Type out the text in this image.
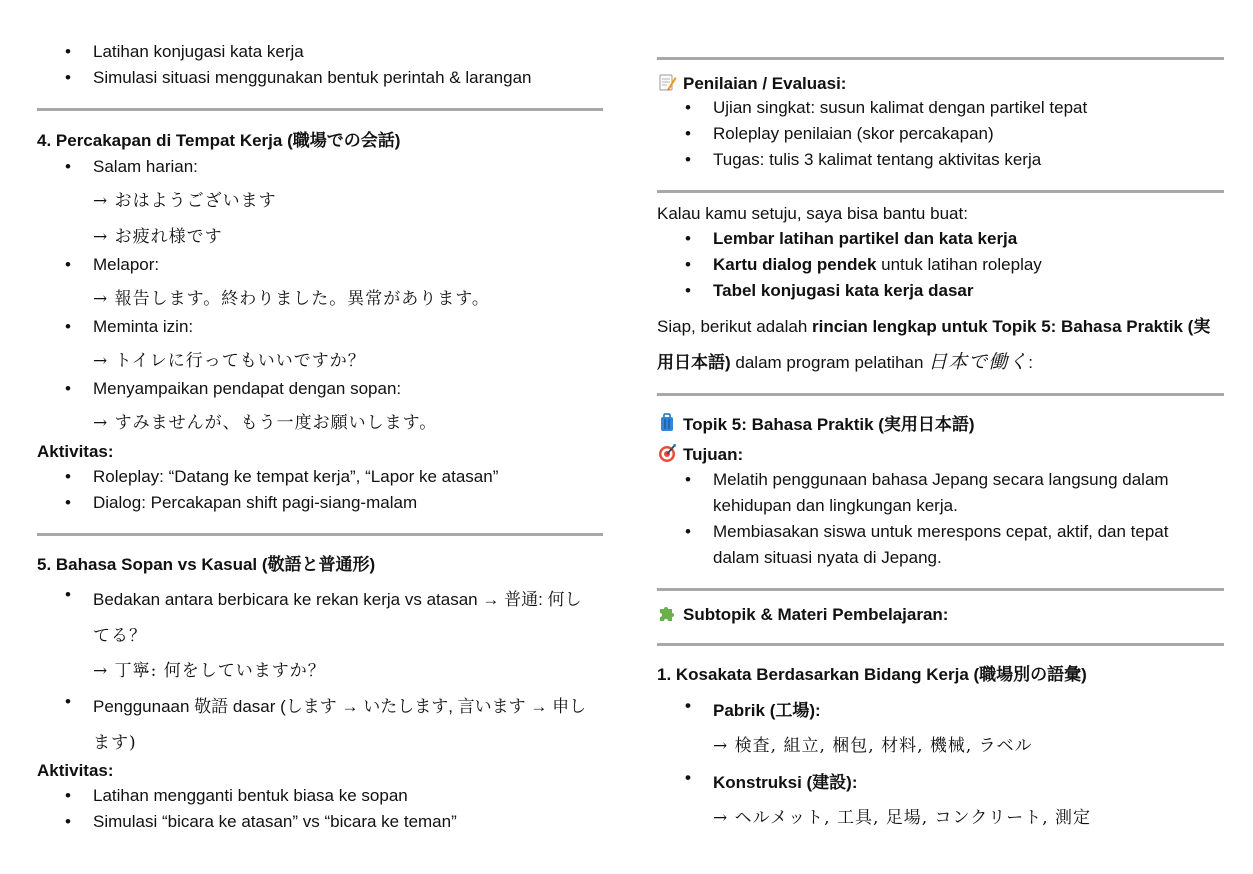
• Latihan konjugasi kata kerja
• Simulasi situasi menggunakan bentuk perintah & larangan
4. Percakapan di Tempat Kerja (職場での会話)
• Salam harian:
→ おはようございます
→ お疲れ様です
• Melapor:
→ 報告します。終わりました。異常があります。
• Meminta izin:
→ トイレに行ってもいいですか？
• Menyampaikan pendapat dengan sopan:
→ すみませんが、もう一度お願いします。
Aktivitas:
• Roleplay: “Datang ke tempat kerja”, “Lapor ke atasan”
• Dialog: Percakapan shift pagi-siang-malam
5. Bahasa Sopan vs Kasual (敬語と普通形)
• Bedakan antara berbicara ke rekan kerja vs atasan → 普通: 何し
てる？
→ 丁寧: 何をしていますか？
• Penggunaan 敬語 dasar (します → いたします, 言います → 申し
ます)
Aktivitas:
• Latihan mengganti bentuk biasa ke sopan
• Simulasi “bicara ke atasan” vs “bicara ke teman”
Penilaian / Evaluasi:
• Ujian singkat: susun kalimat dengan partikel tepat
• Roleplay penilaian (skor percakapan)
• Tugas: tulis 3 kalimat tentang aktivitas kerja
Kalau kamu setuju, saya bisa bantu buat:
• Lembar latihan partikel dan kata kerja
• Kartu dialog pendek untuk latihan roleplay
• Tabel konjugasi kata kerja dasar
Siap, berikut adalah rincian lengkap untuk Topik 5: Bahasa Praktik (実
用日本語) dalam program pelatihan 日本で働く:
Topik 5: Bahasa Praktik (実用日本語)
Tujuan:
• Melatih penggunaan bahasa Jepang secara langsung dalam
kehidupan dan lingkungan kerja.
• Membiasakan siswa untuk merespons cepat, aktif, dan tepat
dalam situasi nyata di Jepang.
Subtopik & Materi Pembelajaran:
1. Kosakata Berdasarkan Bidang Kerja (職場別の語彙)
• Pabrik (工場):
→ 検査, 組立, 梱包, 材料, 機械, ラベル
• Konstruksi (建設):
→ ヘルメット, 工具, 足場, コンクリート, 測定
